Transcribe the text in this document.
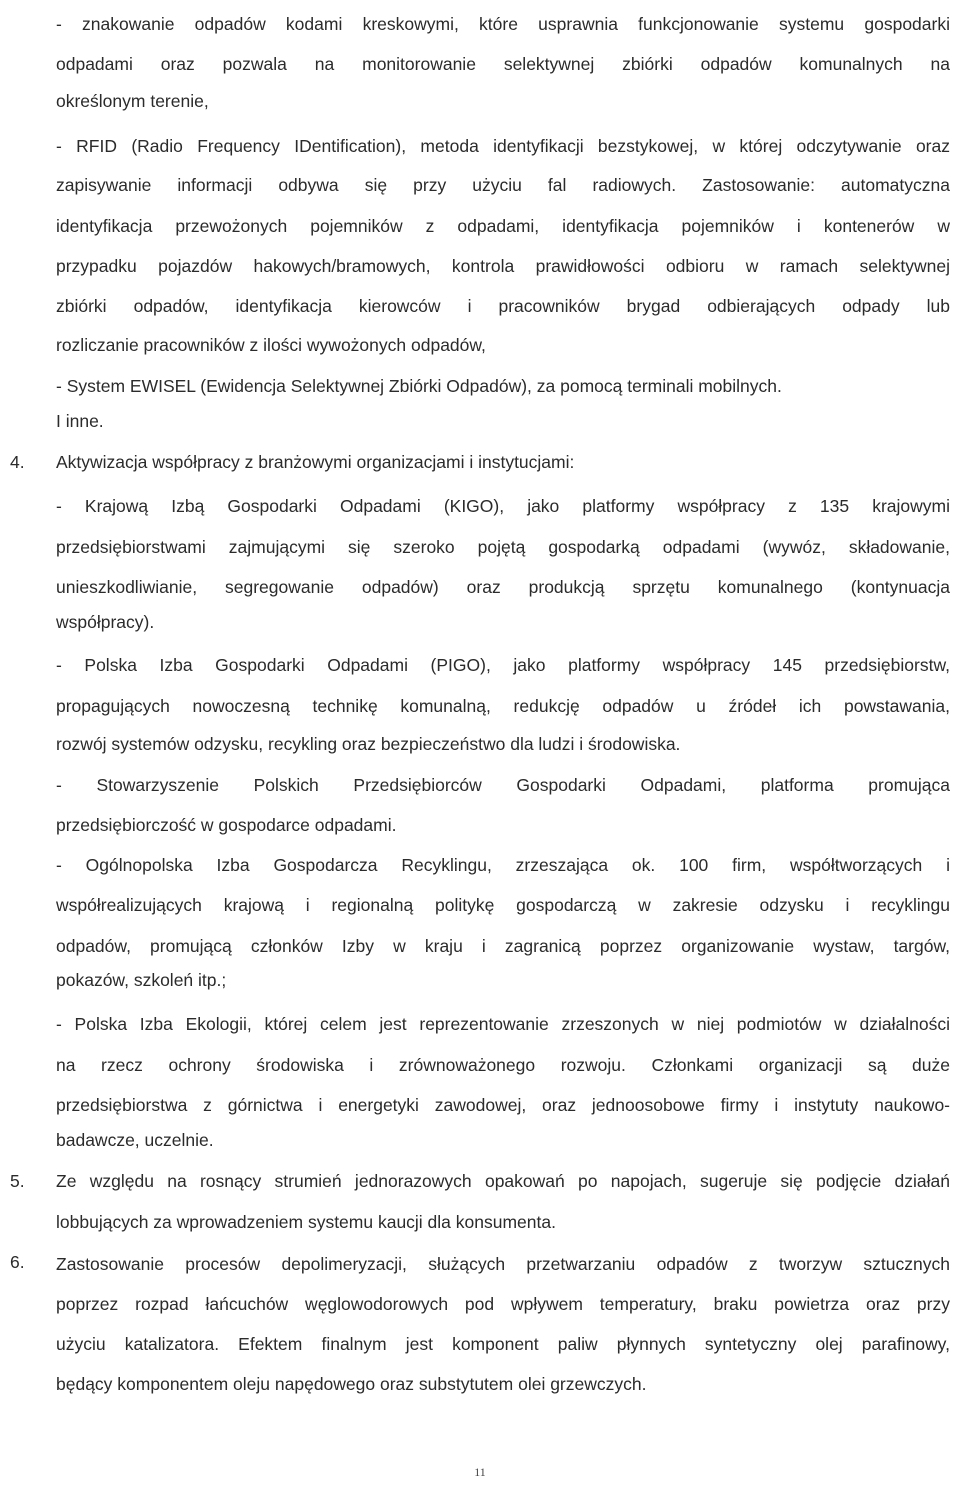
- znakowanie odpadów kodami kreskowymi, które usprawnia funkcjonowanie systemu gospodarki
odpadami oraz pozwala na monitorowanie selektywnej zbiórki odpadów komunalnych na
określonym terenie,
- RFID (Radio Frequency IDentification), metoda identyfikacji bezstykowej, w której odczytywanie oraz
zapisywanie informacji odbywa się przy użyciu fal radiowych. Zastosowanie: automatyczna
identyfikacja przewożonych pojemników z odpadami, identyfikacja pojemników i kontenerów w
przypadku pojazdów hakowych/bramowych, kontrola prawidłowości odbioru w ramach selektywnej
zbiórki odpadów, identyfikacja kierowców i pracowników brygad odbierających odpady lub
rozliczanie pracowników z ilości wywożonych odpadów,
- System EWISEL (Ewidencja Selektywnej Zbiórki Odpadów), za pomocą terminali mobilnych.
I inne.
4.	Aktywizacja współpracy z branżowymi organizacjami i instytucjami:
- Krajową Izbą Gospodarki Odpadami (KIGO), jako platformy współpracy z 135 krajowymi
przedsiębiorstwami zajmującymi się szeroko pojętą gospodarką odpadami (wywóz, składowanie,
unieszkodliwianie, segregowanie odpadów) oraz produkcją sprzętu komunalnego (kontynuacja
współpracy).
- Polska Izba Gospodarki Odpadami (PIGO), jako platformy współpracy 145 przedsiębiorstw,
propagujących nowoczesną technikę komunalną, redukcję odpadów u źródeł ich powstawania,
rozwój systemów odzysku, recykling oraz bezpieczeństwo dla ludzi i środowiska.
- Stowarzyszenie Polskich Przedsiębiorców Gospodarki Odpadami, platforma promująca
przedsiębiorczość w gospodarce odpadami.
- Ogólnopolska Izba Gospodarcza Recyklingu, zrzeszająca ok. 100 firm, współtworzących i
współrealizujących krajową i regionalną politykę gospodarczą w zakresie odzysku i recyklingu
odpadów, promującą członków Izby w kraju i zagranicą poprzez organizowanie wystaw, targów,
pokazów, szkoleń itp.;
- Polska Izba Ekologii, której celem jest reprezentowanie zrzeszonych w niej podmiotów w działalności
na rzecz ochrony środowiska i zrównoważonego rozwoju. Członkami organizacji są duże
przedsiębiorstwa z górnictwa i energetyki zawodowej, oraz jednoosobowe firmy i instytuty naukowo-
badawcze, uczelnie.
5.	Ze względu na rosnący strumień jednorazowych opakowań po napojach, sugeruje się podjęcie działań
lobbujących za wprowadzeniem systemu kaucji dla konsumenta.
6.	Zastosowanie procesów depolimeryzacji, służących przetwarzaniu odpadów z tworzyw sztucznych
poprzez rozpad łańcuchów węglowodorowych pod wpływem temperatury, braku powietrza oraz przy
użyciu katalizatora. Efektem finalnym jest komponent paliw płynnych syntetyczny olej parafinowy,
będący komponentem oleju napędowego oraz substytutem olei grzewczych.
11
